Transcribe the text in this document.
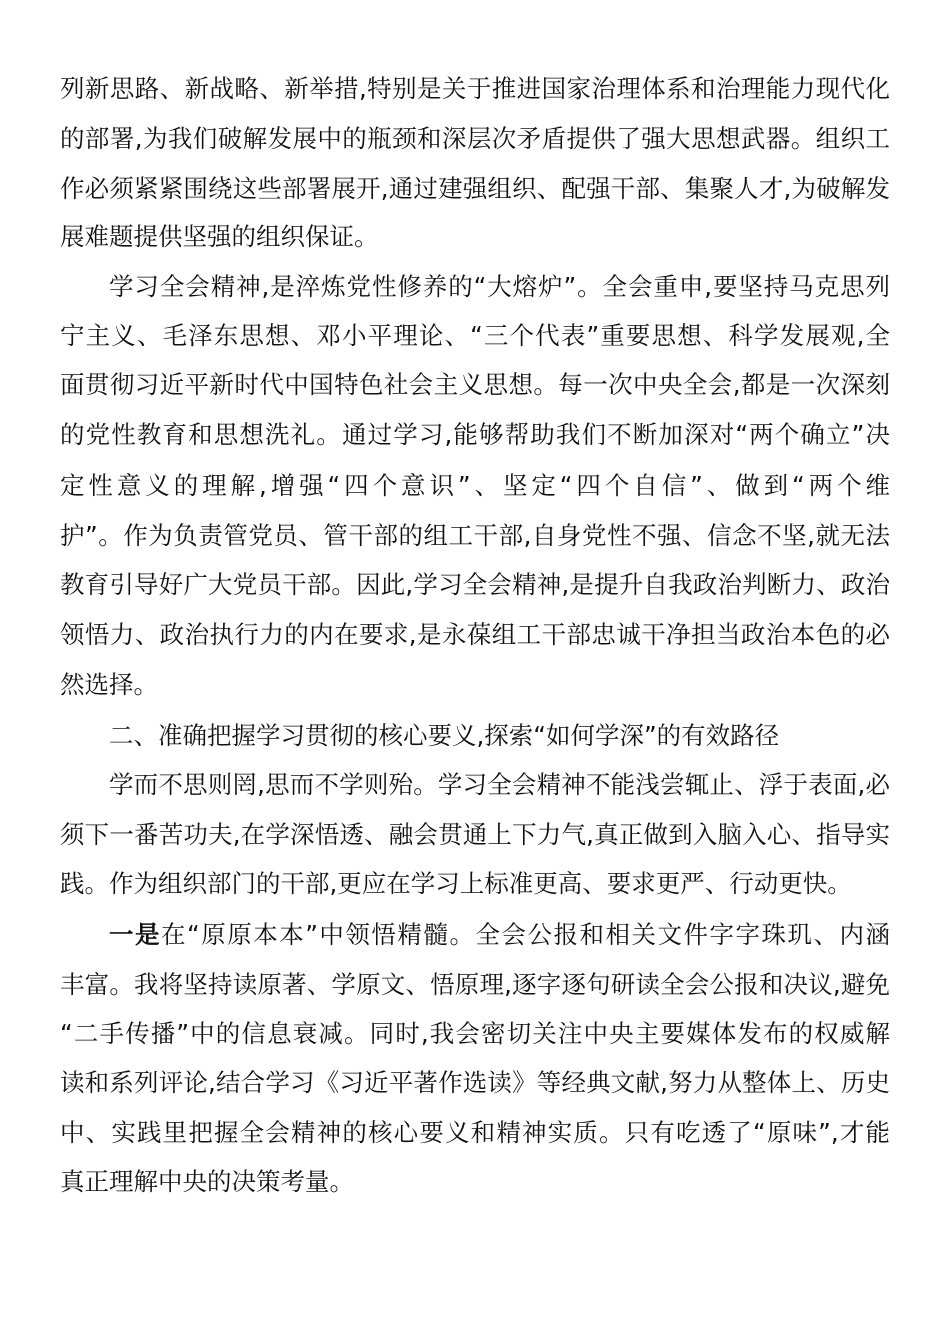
列新思路、新战略、新举措,特别是关于推进国家治理体系和治理能力现代化
的部署,为我们破解发展中的瓶颈和深层次矛盾提供了强大思想武器。组织工
作必须紧紧围绕这些部署展开,通过建强组织、配强干部、集聚人才,为破解发
展难题提供坚强的组织保证。
学习全会精神,是淬炼党性修养的“大熔炉”。全会重申,要坚持马克思列
宁主义、毛泽东思想、邓小平理论、“三个代表”重要思想、科学发展观,全
面贯彻习近平新时代中国特色社会主义思想。每一次中央全会,都是一次深刻
的党性教育和思想洗礼。通过学习,能够帮助我们不断加深对“两个确立”决
定性意义的理解,增强“四个意识”、坚定“四个自信”、做到“两个维
护”。作为负责管党员、管干部的组工干部,自身党性不强、信念不坚,就无法
教育引导好广大党员干部。因此,学习全会精神,是提升自我政治判断力、政治
领悟力、政治执行力的内在要求,是永葆组工干部忠诚干净担当政治本色的必
然选择。
二、准确把握学习贯彻的核心要义,探索“如何学深”的有效路径
学而不思则罔,思而不学则殆。学习全会精神不能浅尝辄止、浮于表面,必
须下一番苦功夫,在学深悟透、融会贯通上下力气,真正做到入脑入心、指导实
践。作为组织部门的干部,更应在学习上标准更高、要求更严、行动更快。
一是在“原原本本”中领悟精髓。全会公报和相关文件字字珠玑、内涵
丰富。我将坚持读原著、学原文、悟原理,逐字逐句研读全会公报和决议,避免
“二手传播”中的信息衰减。同时,我会密切关注中央主要媒体发布的权威解
读和系列评论,结合学习《习近平著作选读》等经典文献,努力从整体上、历史
中、实践里把握全会精神的核心要义和精神实质。只有吃透了“原味”,才能
真正理解中央的决策考量。
